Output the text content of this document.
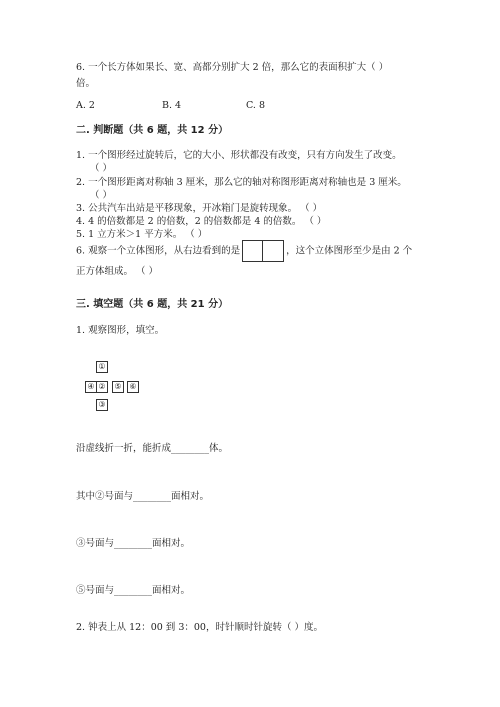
6. 一个长方体如果长、宽、高都分别扩大 2 倍，那么它的表面积扩大（ ）
倍。
A. 2	B. 4	C. 8
二. 判断题（共 6 题，共 12 分）
1. 一个图形经过旋转后，它的大小、形状都没有改变，只有方向发生了改变。
（ ）
2. 一个图形距离对称轴 3 厘米，那么它的轴对称图形距离对称轴也是 3 厘米。
（ ）
3. 公共汽车出站是平移现象，开冰箱门是旋转现象。 （ ）
4. 4 的倍数都是 2 的倍数，2 的倍数都是 4 的倍数。 （ ）
5. 1 立方米＞1 平方米。 （ ）
6. 观察一个立体图形，从右边看到的是	，这个立体图形至少是由 2 个
正方体组成。 （ ）
三. 填空题（共 6 题，共 21 分）
1. 观察图形，填空。
①
④ ②	⑤ ⑥
③
沿虚线折一折，能折成________体。
其中②号面与________面相对。
③号面与________面相对。
⑤号面与________面相对。
2. 钟表上从 12：00 到 3：00，时针顺时针旋转（ ）度。
